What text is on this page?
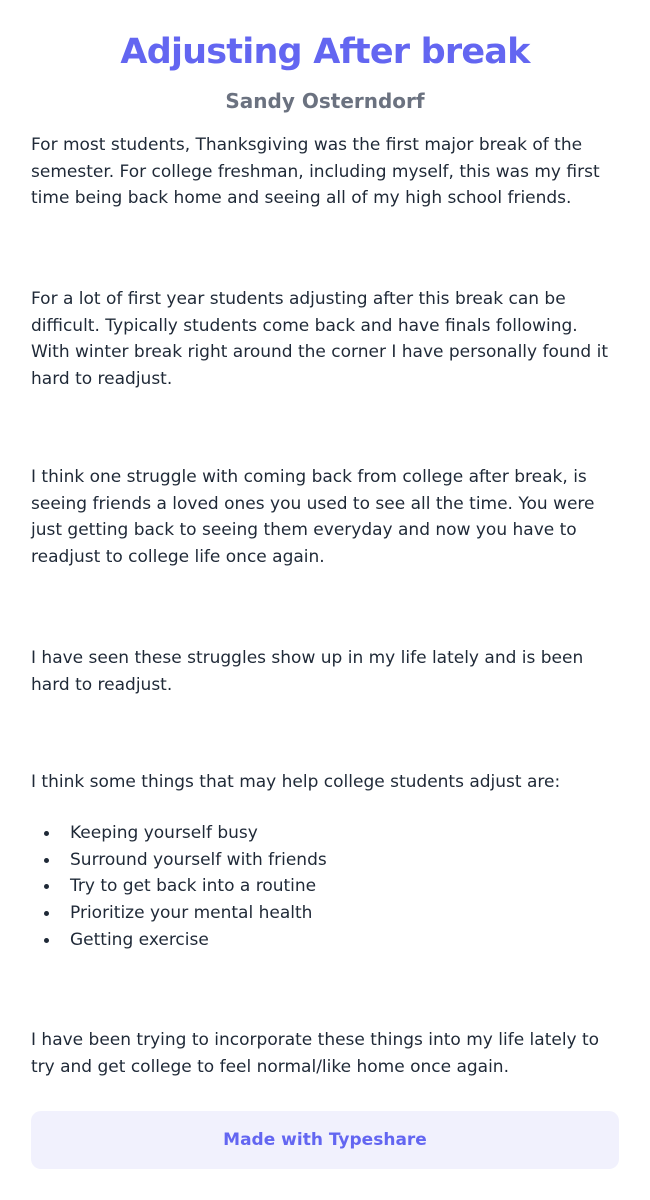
Adjusting After break
Sandy Osterndorf

For most students, Thanksgiving was the first major break of the semester. For college freshman, including myself, this was my first time being back home and seeing all of my high school friends.

For a lot of first year students adjusting after this break can be difficult. Typically students come back and have finals following. With winter break right around the corner I have personally found it hard to readjust.

I think one struggle with coming back from college after break, is seeing friends a loved ones you used to see all the time. You were just getting back to seeing them everyday and now you have to readjust to college life once again.

I have seen these struggles show up in my life lately and is been hard to readjust.

I think some things that may help college students adjust are:

Keeping yourself busy
Surround yourself with friends
Try to get back into a routine
Prioritize your mental health
Getting exercise

I have been trying to incorporate these things into my life lately to try and get college to feel normal/like home once again.

Made with Typeshare
